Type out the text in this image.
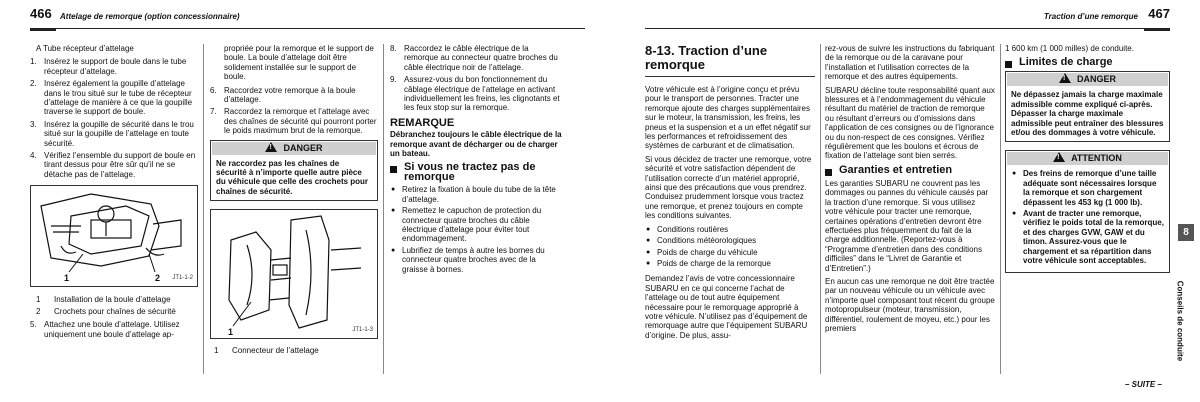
466 Attelage de remorque (option concessionnaire)	Traction d’une remorque 467

A Tube récepteur d’attelage

1. Insérez le support de boule dans le tube récepteur d’attelage.
2. Insérez également la goupille d’attelage dans le trou situé sur le tube de récepteur d’attelage de manière à ce que la goupille traverse le support de boule.
3. Insérez la goupille de sécurité dans le trou situé sur la goupille de l’attelage en toute sécurité.
4. Vérifiez l’ensemble du support de boule en tirant dessus pour être sûr qu’il ne se détache pas de l’attelage.
1	2 JT1-1-2
1	Installation de la boule d’attelage
2	Crochets pour chaînes de sécurité
5. Attachez une boule d’attelage. Utilisez uniquement une boule d’attelage ap-

propriée pour la remorque et le support de boule. La boule d’attelage doit être solidement installée sur le support de boule.

6. Raccordez votre remorque à la boule d’attelage.
7. Raccordez la remorque et l’attelage avec des chaînes de sécurité qui pourront porter le poids maximum brut de la remorque.
!DANGER
Ne raccordez pas les chaînes de sécurité à n’importe quelle autre pièce du véhicule que celle des crochets pour chaînes de sécurité.
1	JT1-1-3
1	Connecteur de l’attelage
8. Raccordez le câble électrique de la remorque au connecteur quatre broches du câble électrique noir de l’attelage.
9. Assurez-vous du bon fonctionnement du câblage électrique de l’attelage en activant individuellement les freins, les clignotants et les feux stop sur la remorque.
REMARQUE

Débranchez toujours le câble électrique de la remorque avant de décharger ou de charger un bateau.

Si vous ne tractez pas de remorque
● Retirez la fixation à boule du tube de la tête d’attelage.
● Remettez le capuchon de protection du connecteur quatre broches du câble électrique d’attelage pour éviter tout endommagement.
● Lubrifiez de temps à autre les bornes du connecteur quatre broches avec de la graisse à bornes.
8-13. Traction d’une remorque

Votre véhicule est à l’origine conçu et prévu pour le transport de personnes. Tracter une remorque ajoute des charges supplémentaires sur le moteur, la transmission, les freins, les pneus et la suspension et a un effet négatif sur les performances et refroidissement des systèmes de carburant et de climatisation.

Si vous décidez de tracter une remorque, votre sécurité et votre satisfaction dépendent de l’utilisation correcte d’un matériel approprié, ainsi que des précautions que vous prendrez. Conduisez prudemment lorsque vous tractez une remorque, et prenez toujours en compte les conditions suivantes.

● Conditions routières
● Conditions météorologiques
● Poids de charge du véhicule
● Poids de charge de la remorque

Demandez l’avis de votre concessionnaire SUBARU en ce qui concerne l’achat de l’attelage ou de tout autre équipement nécessaire pour le remorquage approprié à votre véhicule. N’utilisez pas d’équipement de remorquage autre que l’équipement SUBARU d’origine. De plus, assu-

rez-vous de suivre les instructions du fabriquant de la remorque ou de la caravane pour l’installation et l’utilisation correctes de la remorque et des autres équipements.

SUBARU décline toute responsabilité quant aux blessures et à l’endommagement du véhicule résultant du matériel de traction de remorque ou résultant d’erreurs ou d’omissions dans l’application de ces consignes ou de l’ignorance ou du non-respect de ces consignes. Vérifiez régulièrement que les boulons et écrous de fixation de l’attelage sont bien serrés.

Garanties et entretien

Les garanties SUBARU ne couvrent pas les dommages ou pannes du véhicule causés par la traction d’une remorque. Si vous utilisez votre véhicule pour tracter une remorque, certaines opérations d’entretien devront être effectuées plus fréquemment du fait de la charge additionnelle. (Reportez-vous à “Programme d’entretien dans des conditions difficiles” dans le “Livret de Garantie et d’Entretien”.)

En aucun cas une remorque ne doit être tractée par un nouveau véhicule ou un véhicule avec n’importe quel composant tout récent du groupe motopropulseur (moteur, transmission, différentiel, roulement de moyeu, etc.) pour les premiers

1 600 km (1 000 milles) de conduite.

Limites de charge
!DANGER
Ne dépassez jamais la charge maximale admissible comme expliqué ci-après. Dépasser la charge maximale admissible peut entraîner des blessures et/ou des dommages à votre véhicule.
!ATTENTION
● Des freins de remorque d’une taille adéquate sont nécessaires lorsque la remorque et son chargement dépassent les 453 kg (1 000 lb).
● Avant de tracter une remorque, vérifiez le poids total de la remorque, et des charges GVW, GAW et du timon. Assurez-vous que le chargement et sa répartition dans votre véhicule sont acceptables.
– SUITE –
8
Conseils de conduite
